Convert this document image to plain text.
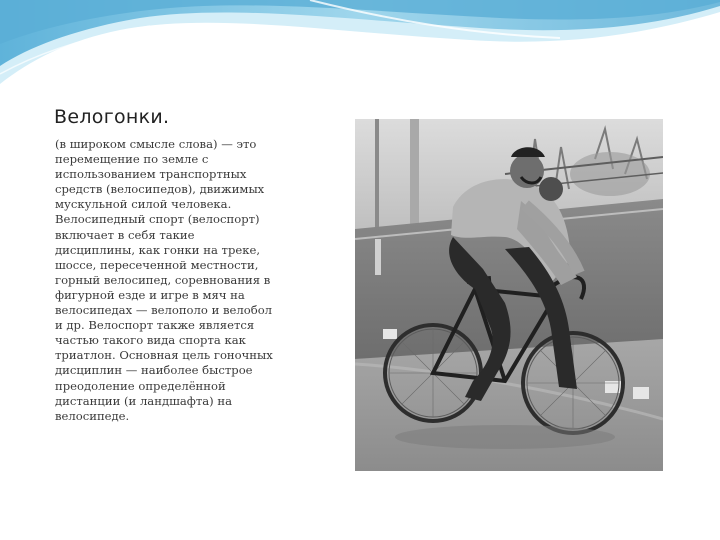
Велогонки.

(в широком смысле слова) — это перемещение по земле с использованием транспортных средств (велосипедов), движимых мускульной силой человека.

Велосипедный спорт (велоспорт) включает в себя такие дисциплины, как гонки на треке, шоссе, пересеченной местности, горный велосипед, соревнования в фигурной езде и игре в мяч на велосипедах — велополо и велобол и др. Велоспорт также является частью такого вида спорта как триатлон. Основная цель гоночных дисциплин — наиболее быстрое преодоление определённой дистанции (и ландшафта) на велосипеде.
